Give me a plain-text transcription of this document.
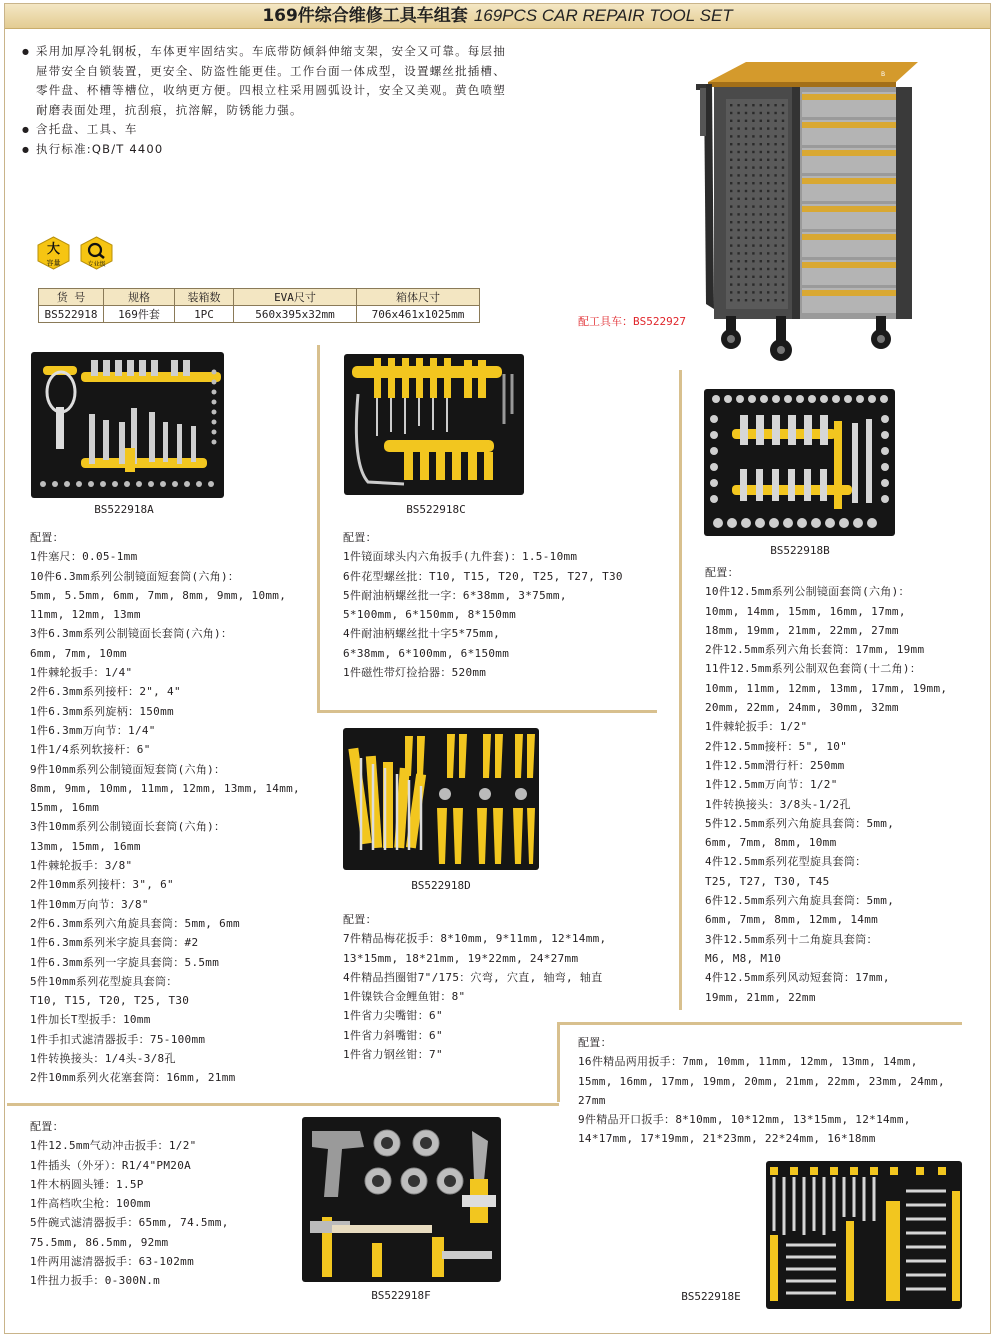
169件综合维修工具车组套 169PCS CAR REPAIR TOOL SET
● 采用加厚冷轧钢板，车体更牢固结实。车底带防倾斜伸缩支架，安全又可靠。每层抽屉带安全自锁装置，更安全、防盗性能更佳。工作台面一体成型，设置螺丝批插槽、零件盘、杯槽等槽位，收纳更方便。四根立柱采用圆弧设计，安全又美观。黄色喷塑耐磨表面处理，抗刮痕，抗溶解，防锈能力强。
● 含托盘、工具、车
● 执行标准:QB/T 4400
大
容量	专业级
货 号	规格	装箱数	EVA尺寸	箱体尺寸
BS522918	169件套	1PC	560x395x32mm	706x461x1025mm
B
配工具车：BS522927
BS522918A	BS522918C
BS522918B
BS522918D
BS522918F	BS522918E
配置：
1件塞尺：0.05-1mm
10件6.3mm系列公制镜面短套筒(六角)：
5mm, 5.5mm, 6mm, 7mm, 8mm, 9mm, 10mm,
11mm, 12mm, 13mm
3件6.3mm系列公制镜面长套筒(六角)：
6mm, 7mm, 10mm
1件棘轮扳手：1/4"
2件6.3mm系列接杆：2", 4"
1件6.3mm系列旋柄：150mm
1件6.3mm万向节：1/4"
1件1/4系列软接杆：6"
9件10mm系列公制镜面短套筒(六角)：
8mm, 9mm, 10mm, 11mm, 12mm, 13mm, 14mm,
15mm, 16mm
3件10mm系列公制镜面长套筒(六角)：
13mm, 15mm, 16mm
1件棘轮扳手：3/8"
2件10mm系列接杆：3", 6"
1件10mm万向节：3/8"
2件6.3mm系列六角旋具套筒：5mm, 6mm
1件6.3mm系列米字旋具套筒：#2
1件6.3mm系列一字旋具套筒：5.5mm
5件10mm系列花型旋具套筒：
T10, T15, T20, T25, T30
1件加长T型扳手：10mm
1件手扣式滤清器扳手：75-100mm
1件转换接头：1/4头-3/8孔
2件10mm系列火花塞套筒：16mm, 21mm
配置：
1件镜面球头内六角扳手(九件套)：1.5-10mm
6件花型螺丝批：T10, T15, T20, T25, T27, T30
5件耐油柄螺丝批一字：6*38mm, 3*75mm,
5*100mm, 6*150mm, 8*150mm
4件耐油柄螺丝批十字5*75mm,
6*38mm, 6*100mm, 6*150mm
1件磁性带灯捡拾器：520mm
配置：
10件12.5mm系列公制镜面套筒(六角)：
10mm, 14mm, 15mm, 16mm, 17mm,
18mm, 19mm, 21mm, 22mm, 27mm
2件12.5mm系列六角长套筒：17mm, 19mm
11件12.5mm系列公制双色套筒(十二角)：
10mm, 11mm, 12mm, 13mm, 17mm, 19mm,
20mm, 22mm, 24mm, 30mm, 32mm
1件棘轮扳手：1/2"
2件12.5mm接杆：5", 10"
1件12.5mm滑行杆：250mm
1件12.5mm万向节：1/2"
1件转换接头：3/8头-1/2孔
5件12.5mm系列六角旋具套筒：5mm,
6mm, 7mm, 8mm, 10mm
4件12.5mm系列花型旋具套筒：
T25, T27, T30, T45
6件12.5mm系列六角旋具套筒：5mm,
6mm, 7mm, 8mm, 12mm, 14mm
3件12.5mm系列十二角旋具套筒：
M6, M8, M10
4件12.5mm系列风动短套筒：17mm,
19mm, 21mm, 22mm
配置：
7件精品梅花扳手：8*10mm, 9*11mm, 12*14mm,
13*15mm, 18*21mm, 19*22mm, 24*27mm
4件精品挡圈钳7"/175：穴弯, 穴直, 轴弯, 轴直
1件镍铁合金鲤鱼钳：8"
1件省力尖嘴钳：6"
1件省力斜嘴钳：6"
1件省力钢丝钳：7"
配置：
16件精品两用扳手：7mm, 10mm, 11mm, 12mm, 13mm, 14mm,
15mm, 16mm, 17mm, 19mm, 20mm, 21mm, 22mm, 23mm, 24mm,
27mm
9件精品开口扳手：8*10mm, 10*12mm, 13*15mm, 12*14mm,
14*17mm, 17*19mm, 21*23mm, 22*24mm, 16*18mm
配置：
1件12.5mm气动冲击扳手：1/2"
1件插头（外牙）：R1/4"PM20A
1件木柄圆头锤：1.5P
1件高档吹尘枪：100mm
5件碗式滤清器扳手：65mm, 74.5mm,
75.5mm, 86.5mm, 92mm
1件两用滤清器扳手：63-102mm
1件扭力扳手：0-300N.m
